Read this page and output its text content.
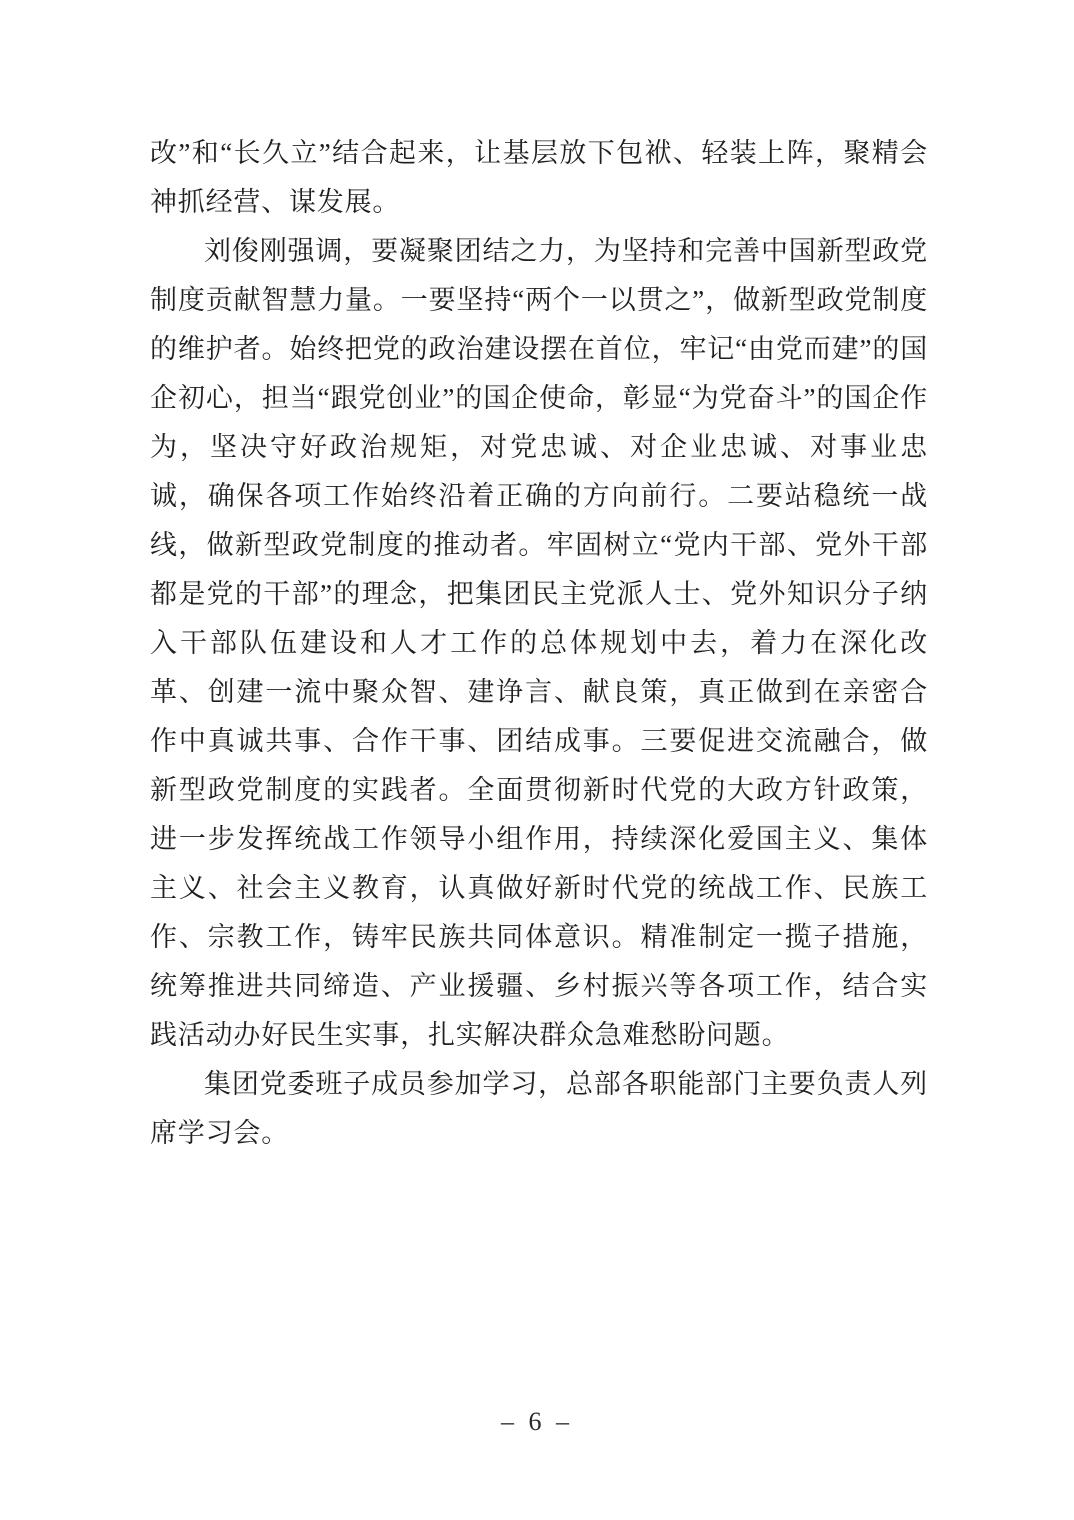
改”和“长久立”结合起来，让基层放下包袱、轻装上阵，聚精会神抓经营、谋发展。

刘俊刚强调，要凝聚团结之力，为坚持和完善中国新型政党制度贡献智慧力量。一要坚持“两个一以贯之”，做新型政党制度的维护者。始终把党的政治建设摆在首位，牢记“由党而建”的国企初心，担当“跟党创业”的国企使命，彰显“为党奋斗”的国企作为，坚决守好政治规矩，对党忠诚、对企业忠诚、对事业忠诚，确保各项工作始终沿着正确的方向前行。二要站稳统一战线，做新型政党制度的推动者。牢固树立“党内干部、党外干部都是党的干部”的理念，把集团民主党派人士、党外知识分子纳入干部队伍建设和人才工作的总体规划中去，着力在深化改革、创建一流中聚众智、建诤言、献良策，真正做到在亲密合作中真诚共事、合作干事、团结成事。三要促进交流融合，做新型政党制度的实践者。全面贯彻新时代党的大政方针政策，进一步发挥统战工作领导小组作用，持续深化爱国主义、集体主义、社会主义教育，认真做好新时代党的统战工作、民族工作、宗教工作，铸牢民族共同体意识。精准制定一揽子措施，统筹推进共同缔造、产业援疆、乡村振兴等各项工作，结合实践活动办好民生实事，扎实解决群众急难愁盼问题。

集团党委班子成员参加学习，总部各职能部门主要负责人列席学习会。

– 6 –
